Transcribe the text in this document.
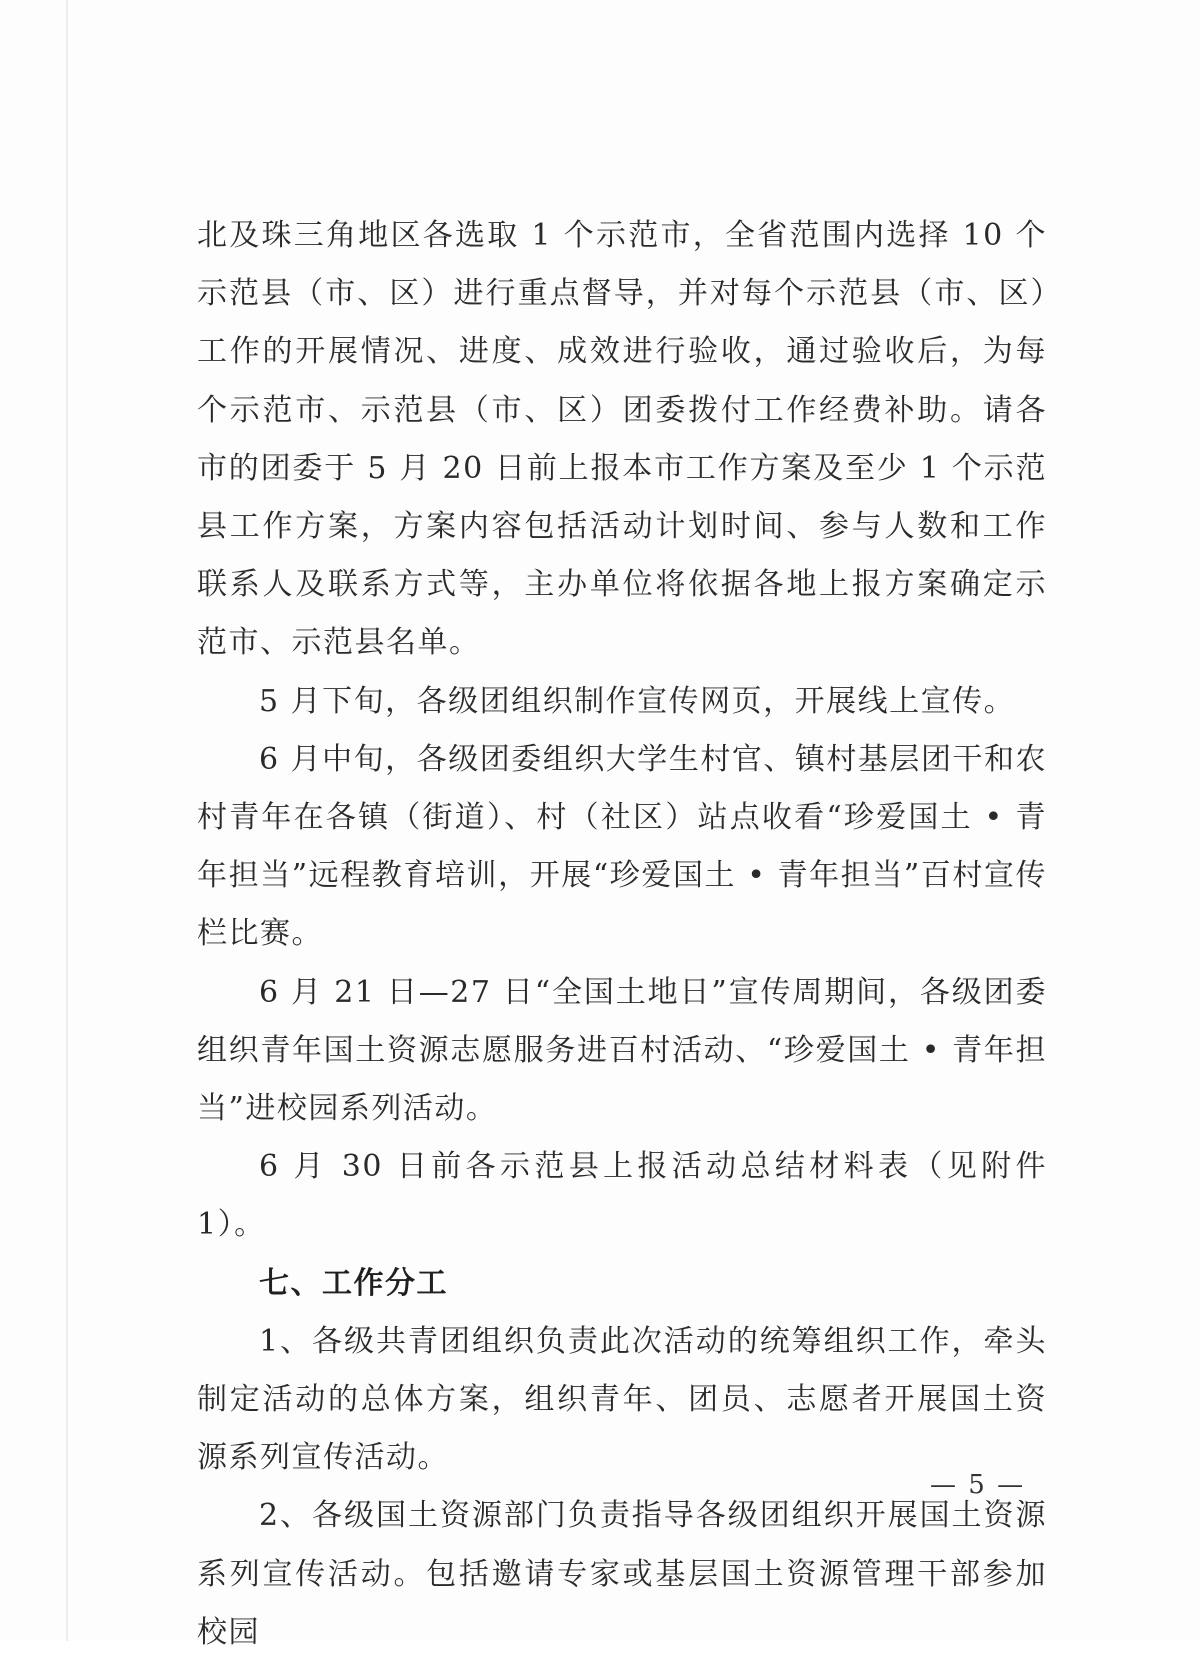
北及珠三角地区各选取 1 个示范市，全省范围内选择 10 个示范县（市、区）进行重点督导，并对每个示范县（市、区）工作的开展情况、进度、成效进行验收，通过验收后，为每个示范市、示范县（市、区）团委拨付工作经费补助。请各市的团委于 5 月 20 日前上报本市工作方案及至少 1 个示范县工作方案，方案内容包括活动计划时间、参与人数和工作联系人及联系方式等，主办单位将依据各地上报方案确定示范市、示范县名单。

5 月下旬，各级团组织制作宣传网页，开展线上宣传。

6 月中旬，各级团委组织大学生村官、镇村基层团干和农村青年在各镇（街道）、村（社区）站点收看“珍爱国土 • 青年担当”远程教育培训，开展“珍爱国土 • 青年担当”百村宣传栏比赛。

6 月 21 日—27 日“全国土地日”宣传周期间，各级团委组织青年国土资源志愿服务进百村活动、“珍爱国土 • 青年担当”进校园系列活动。

6 月 30 日前各示范县上报活动总结材料表（见附件 1）。

七、工作分工

1、各级共青团组织负责此次活动的统筹组织工作，牵头制定活动的总体方案，组织青年、团员、志愿者开展国土资源系列宣传活动。

2、各级国土资源部门负责指导各级团组织开展国土资源系列宣传活动。包括邀请专家或基层国土资源管理干部参加校园

— 5 —
